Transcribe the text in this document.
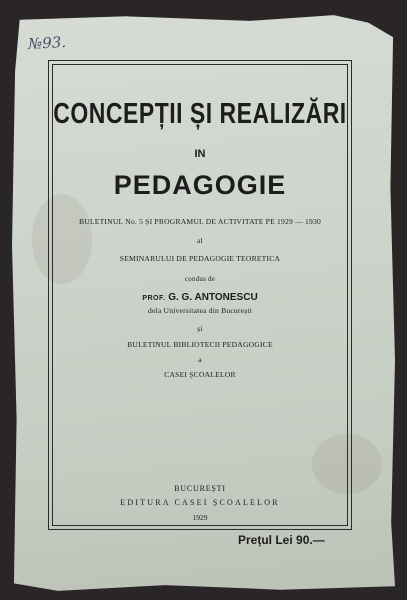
№93.
CONCEPȚII ȘI REALIZĂRI
IN
PEDAGOGIE
BULETINUL No. 5 ȘI PROGRAMUL DE ACTIVITATE PE 1929 — 1930
al
SEMINARULUI DE PEDAGOGIE TEORETICA
condus de
PROF. G. G. ANTONESCU
dela Universitatea din București
și
BULETINUL BIBLIOTECII PEDAGOGICE
a
CASEI ȘCOALELOR
BUCUREȘTI
EDITURA CASEI ȘCOALELOR
1929
Prețul Lei 90.—
